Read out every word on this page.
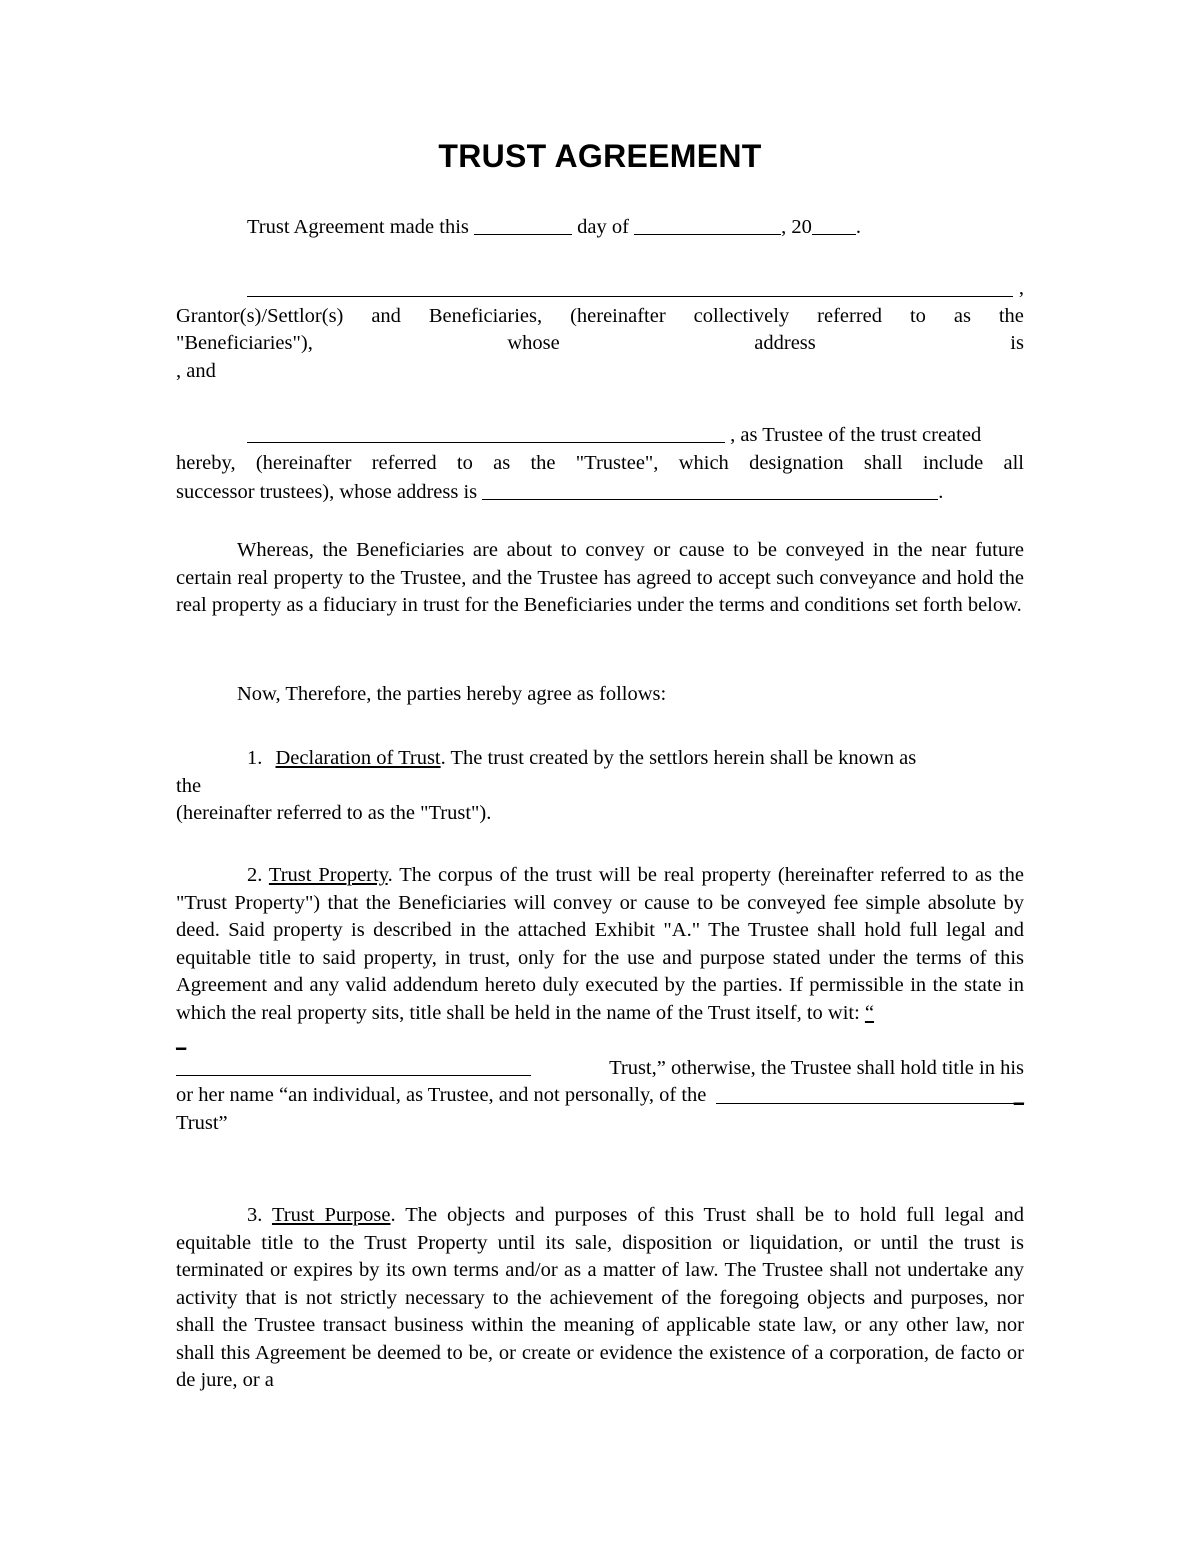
TRUST AGREEMENT
Trust Agreement made this	day of	, 20 .
,
Grantor(s)/Settlor(s) and Beneficiaries, (hereinafter collectively referred to as the
"Beneficiaries"),	whose	address	is
, and
, as Trustee of the trust created
hereby, (hereinafter referred to as the "Trustee", which designation shall include all
successor trustees), whose address is	.
Whereas, the Beneficiaries are about to convey or cause to be conveyed in the near future certain real property to the Trustee, and the Trustee has agreed to accept such conveyance and hold the real property as a fiduciary in trust for the Beneficiaries under the terms and conditions set forth below.
Now, Therefore, the parties hereby agree as follows:
1. Declaration of Trust. The trust created by the settlors herein shall be known as
the
(hereinafter referred to as the "Trust").
2. Trust Property. The corpus of the trust will be real property (hereinafter referred to as the "Trust Property") that the Beneficiaries will convey or cause to be conveyed fee simple absolute by deed. Said property is described in the attached Exhibit "A." The Trustee shall hold full legal and equitable title to said property, in trust, only for the use and purpose stated under the terms of this Agreement and any valid addendum hereto duly executed by the parties. If permissible in the state in which the real property sits, title shall be held in the name of the Trust itself, to wit: “
_
Trust,” otherwise, the Trustee shall hold title in his
or her name “an individual, as Trustee, and not personally, of the	_
Trust”
3. Trust Purpose. The objects and purposes of this Trust shall be to hold full legal and equitable title to the Trust Property until its sale, disposition or liquidation, or until the trust is terminated or expires by its own terms and/or as a matter of law. The Trustee shall not undertake any activity that is not strictly necessary to the achievement of the foregoing objects and purposes, nor shall the Trustee transact business within the meaning of applicable state law, or any other law, nor shall this Agreement be deemed to be, or create or evidence the existence of a corporation, de facto or de jure, or a
